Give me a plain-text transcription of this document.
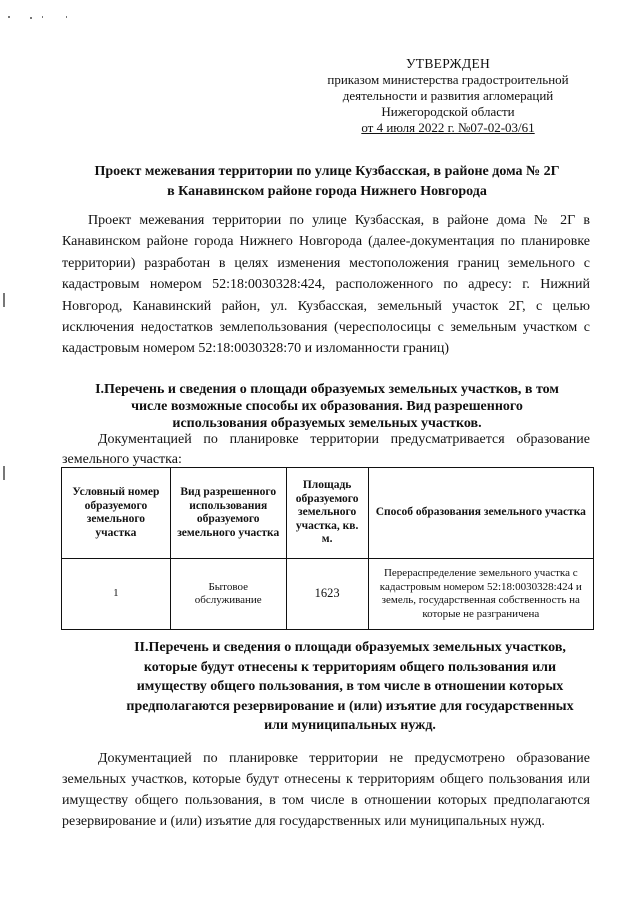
УТВЕРЖДЕН
приказом министерства градостроительной
деятельности и развития агломераций
Нижегородской области
от 4 июля 2022 г. №07-02-03/61
Проект межевания территории по улице Кузбасская, в районе дома № 2Г
в Канавинском районе города Нижнего Новгорода

Проект межевания территории по улице Кузбасская, в районе дома № 2Г в Канавинском районе города Нижнего Новгорода (далее-документация по планировке территории) разработан в целях изменения местоположения границ земельного с кадастровым номером 52:18:0030328:424, расположенного по адресу: г. Нижний Новгород, Канавинский район, ул. Кузбасская, земельный участок 2Г, с целью исключения недостатков землепользования (чересполосицы с земельным участком с кадастровым номером 52:18:0030328:70 и изломанности границ)

I.Перечень и сведения о площади образуемых земельных участков, в том
числе возможные способы их образования. Вид разрешенного
использования образуемых земельных участков.

Документацией по планировке территории предусматривается образование земельного участка:

Условный номер образуемого земельного участка	Вид разрешенного использования образуемого земельного участка	Площадь образуемого земельного участка, кв. м.	Способ образования земельного участка
1	Бытовое обслуживание	1623	Перераспределение земельного участка с кадастровым номером 52:18:0030328:424 и земель, государственная собственность на которые не разграничена
II.Перечень и сведения о площади образуемых земельных участков,
которые будут отнесены к территориям общего пользования или
имуществу общего пользования, в том числе в отношении которых
предполагаются резервирование и (или) изъятие для государственных
или муниципальных нужд.

Документацией по планировке территории не предусмотрено образование земельных участков, которые будут отнесены к территориям общего пользования или имуществу общего пользования, в том числе в отношении которых предполагаются резервирование и (или) изъятие для государственных или муниципальных нужд.
